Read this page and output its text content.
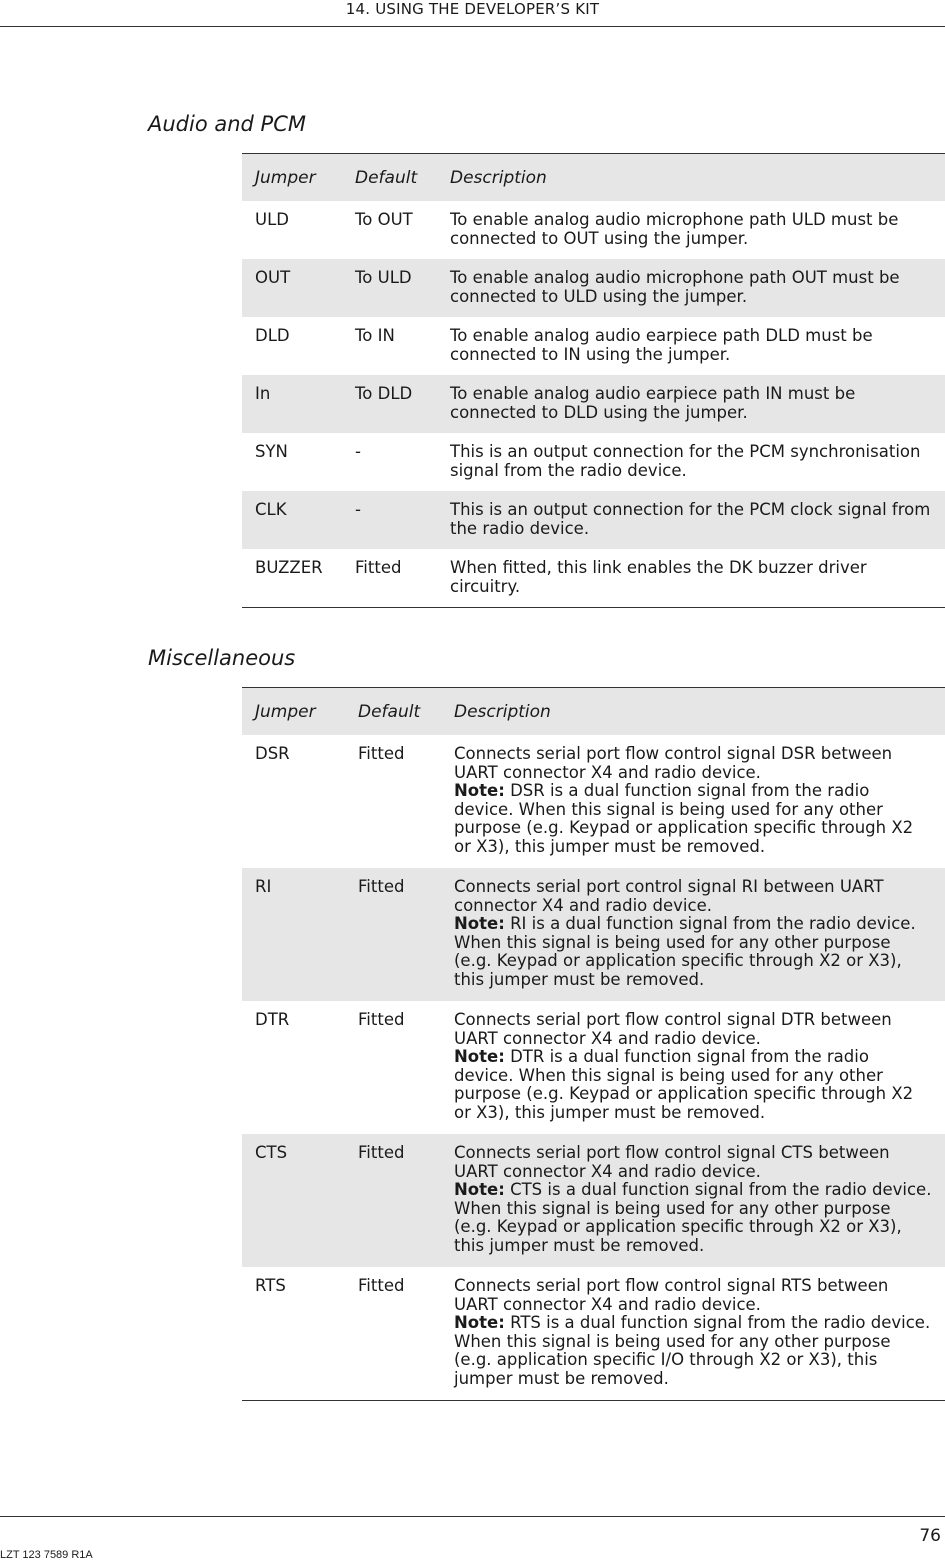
14. USING THE DEVELOPER’S KIT
Audio and PCM
Jumper	Default	Description
ULD	To OUT	To enable analog audio microphone path ULD must be connected to OUT using the jumper.
OUT	To ULD	To enable analog audio microphone path OUT must be connected to ULD using the jumper.
DLD	To IN	To enable analog audio earpiece path DLD must be connected to IN using the jumper.
In	To DLD	To enable analog audio earpiece path IN must be connected to DLD using the jumper.
SYN	-	This is an output connection for the PCM synchronisation signal from the radio device.
CLK	-	This is an output connection for the PCM clock signal from the radio device.
BUZZER	Fitted	When fitted, this link enables the DK buzzer driver circuitry.
Miscellaneous
Jumper	Default	Description
DSR	Fitted	Connects serial port flow control signal DSR between UART connector X4 and radio device.
Note: DSR is a dual function signal from the radio device. When this signal is being used for any other purpose (e.g. Keypad or application specific through X2 or X3), this jumper must be removed.
RI	Fitted	Connects serial port control signal RI between UART connector X4 and radio device.
Note: RI is a dual function signal from the radio device. When this signal is being used for any other purpose (e.g. Keypad or application specific through X2 or X3), this jumper must be removed.
DTR	Fitted	Connects serial port flow control signal DTR between UART connector X4 and radio device.
Note: DTR is a dual function signal from the radio device. When this signal is being used for any other purpose (e.g. Keypad or application specific through X2 or X3), this jumper must be removed.
CTS	Fitted	Connects serial port flow control signal CTS between UART connector X4 and radio device.
Note: CTS is a dual function signal from the radio device. When this signal is being used for any other purpose (e.g. Keypad or application specific through X2 or X3), this jumper must be removed.
RTS	Fitted	Connects serial port flow control signal RTS between UART connector X4 and radio device.
Note: RTS is a dual function signal from the radio device. When this signal is being used for any other purpose (e.g. application specific I/O through X2 or X3), this jumper must be removed.
76
LZT 123 7589 R1A
